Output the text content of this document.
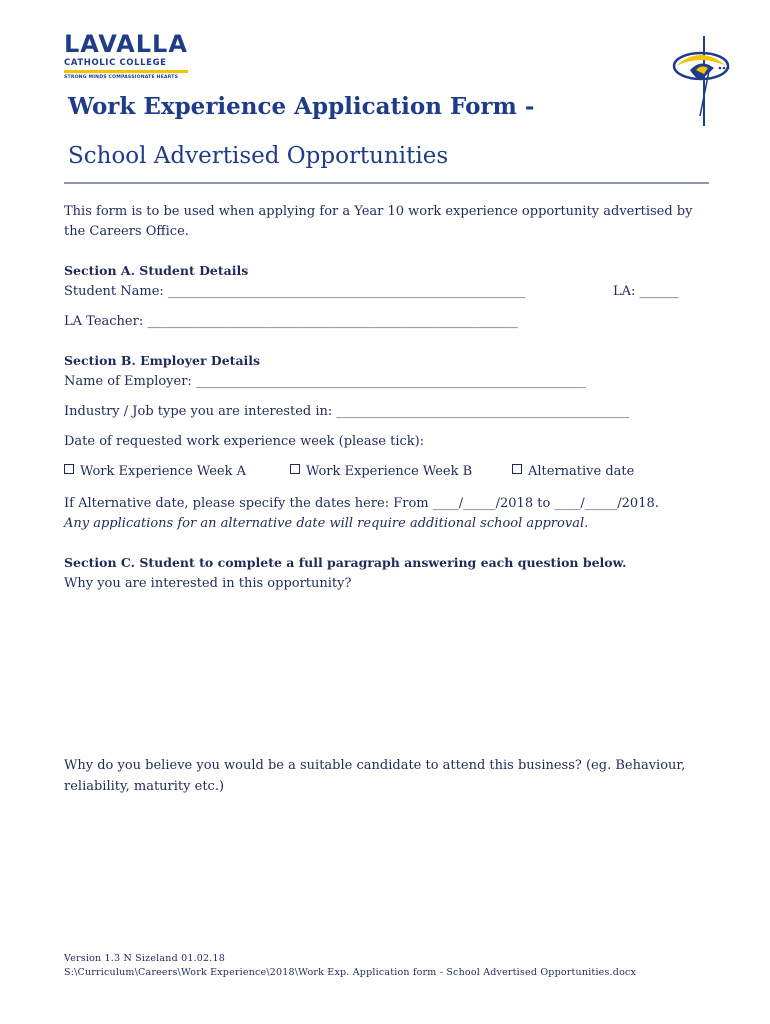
LAVALLA
CATHOLIC COLLEGE
STRONG MINDS COMPASSIONATE HEARTS
Work Experience Application Form -
School Advertised Opportunities
This form is to be used when applying for a Year 10 work experience opportunity advertised by
the Careers Office.
Section A. Student Details
Student Name: _______________________________________________________	LA: ______
LA Teacher: _________________________________________________________
Section B. Employer Details
Name of Employer: ____________________________________________________________
Industry / Job type you are interested in: _____________________________________________
Date of requested work experience week (please tick):
Work Experience Week A	Work Experience Week B	Alternative date
If Alternative date, please specify the dates here: From ____/_____/2018 to ____/_____/2018.
Any applications for an alternative date will require additional school approval.
Section C. Student to complete a full paragraph answering each question below.
Why you are interested in this opportunity?
Why do you believe you would be a suitable candidate to attend this business? (eg. Behaviour,
reliability, maturity etc.)
Version 1.3 N Sizeland 01.02.18
S:\Curriculum\Careers\Work Experience\2018\Work Exp. Application form - School Advertised Opportunities.docx
